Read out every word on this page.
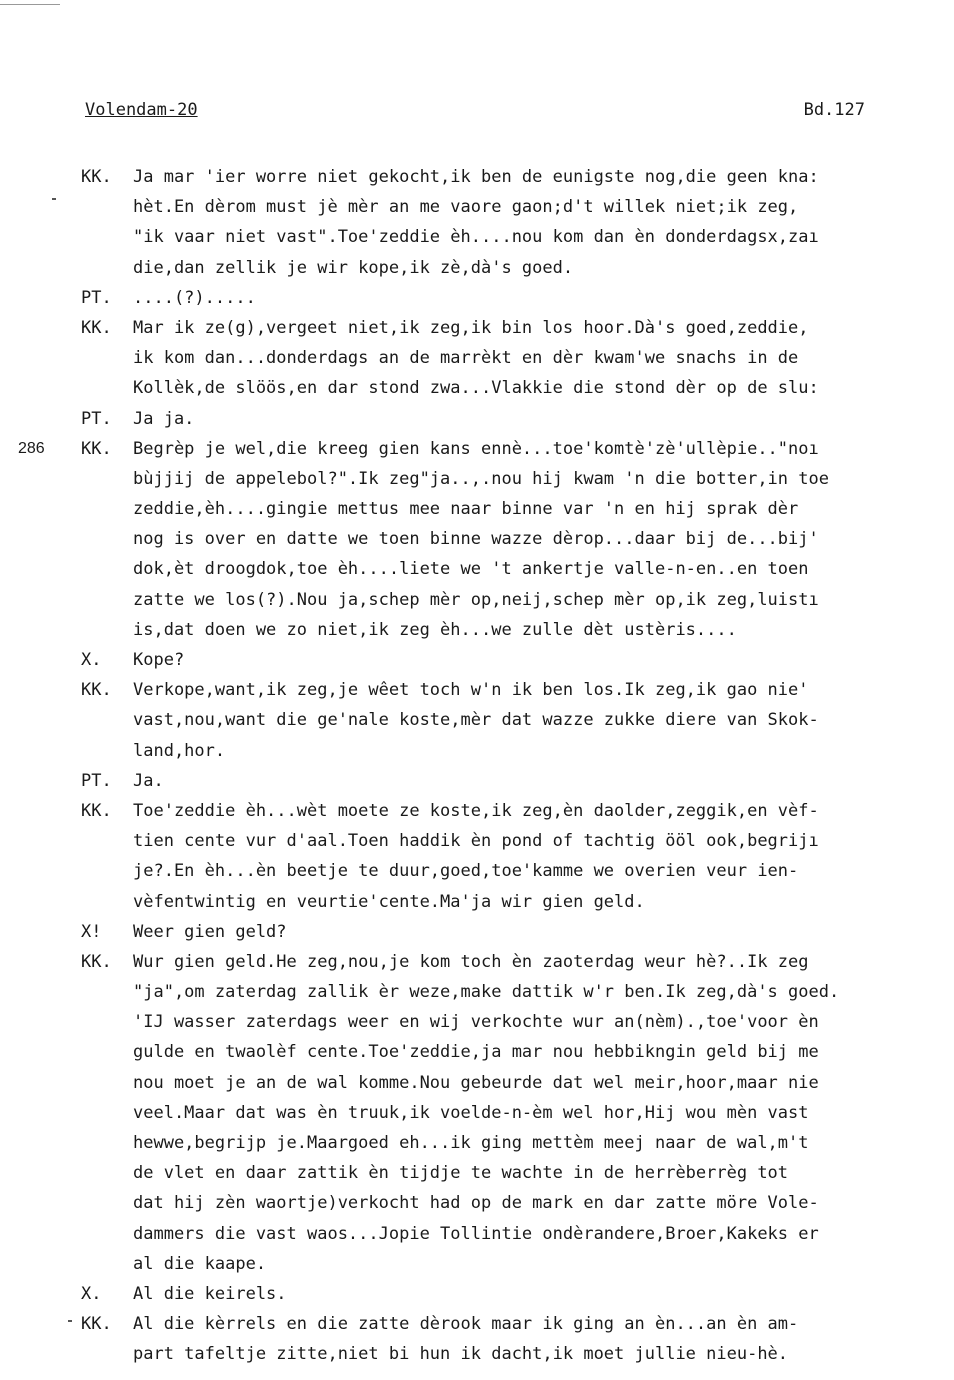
Volendam-20	Bd.127
KK. Ja mar 'ier worre niet gekocht,ik ben de eunigste nog,die geen kna:
hèt.En dèrom must jè mèr an me vaore gaon;d't willek niet;ik zeg,
"ik vaar niet vast".Toe'zeddie èh....nou kom dan èn donderdagsx,zaı
die,dan zellik je wir kope,ik zè,dà's goed.
PT. ....(?).....
KK. Mar ik ze(g),vergeet niet,ik zeg,ik bin los hoor.Dà's goed,zeddie,
ik kom dan...donderdags an de marrèkt en dèr kwam'we snachs in de
Kollèk,de slöös,en dar stond zwa...Vlakkie die stond dèr op de slu:
PT. Ja ja.
286	KK. Begrèp je wel,die kreeg gien kans ennè...toe'komtè'zè'ullèpie.."noı
bùjjij de appelebol?".Ik zeg"ja..,.nou hij kwam 'n die botter,in toe
zeddie,èh....gingie mettus mee naar binne var 'n en hij sprak dèr
nog is over en datte we toen binne wazze dèrop...daar bij de...bij'
dok,èt droogdok,toe èh....liete we 't ankertje valle-n-en..en toen
zatte we los(?).Nou ja,schep mèr op,neij,schep mèr op,ik zeg,luistı
is,dat doen we zo niet,ik zeg èh...we zulle dèt ustèris....
X. Kope?
KK. Verkope,want,ik zeg,je wêet toch w'n ik ben los.Ik zeg,ik gao nie'
vast,nou,want die ge'nale koste,mèr dat wazze zukke diere van Skok-
land,hor.
PT. Ja.
KK. Toe'zeddie èh...wèt moete ze koste,ik zeg,èn daolder,zeggik,en vèf-
tien cente vur d'aal.Toen haddik èn pond of tachtig ööl ook,begrijı
je?.En èh...èn beetje te duur,goed,toe'kamme we overien veur ien-
vèfentwintig en veurtie'cente.Ma'ja wir gien geld.
X! Weer gien geld?
KK. Wur gien geld.He zeg,nou,je kom toch èn zaoterdag weur hè?..Ik zeg
"ja",om zaterdag zallik èr weze,make dattik w'r ben.Ik zeg,dà's goed.
'IJ wasser zaterdags weer en wij verkochte wur an(nèm).,toe'voor èn
gulde en twaolèf cente.Toe'zeddie,ja mar nou hebbikngin geld bij me
nou moet je an de wal komme.Nou gebeurde dat wel meir,hoor,maar nie
veel.Maar dat was èn truuk,ik voelde-n-èm wel hor,Hij wou mèn vast
hewwe,begrijp je.Maargoed eh...ik ging mettèm meej naar de wal,m't
de vlet en daar zattik èn tijdje te wachte in de herrèberrèg tot
dat hij zèn waortje)verkocht had op de mark en dar zatte möre Vole-
dammers die vast waos...Jopie Tollintie ondèrandere,Broer,Kakeks er
al die kaape.
X. Al die keirels.
KK. Al die kèrrels en die zatte dèrook maar ik ging an èn...an èn am-
part tafeltje zitte,niet bi hun ik dacht,ik moet jullie nieu-hè.
